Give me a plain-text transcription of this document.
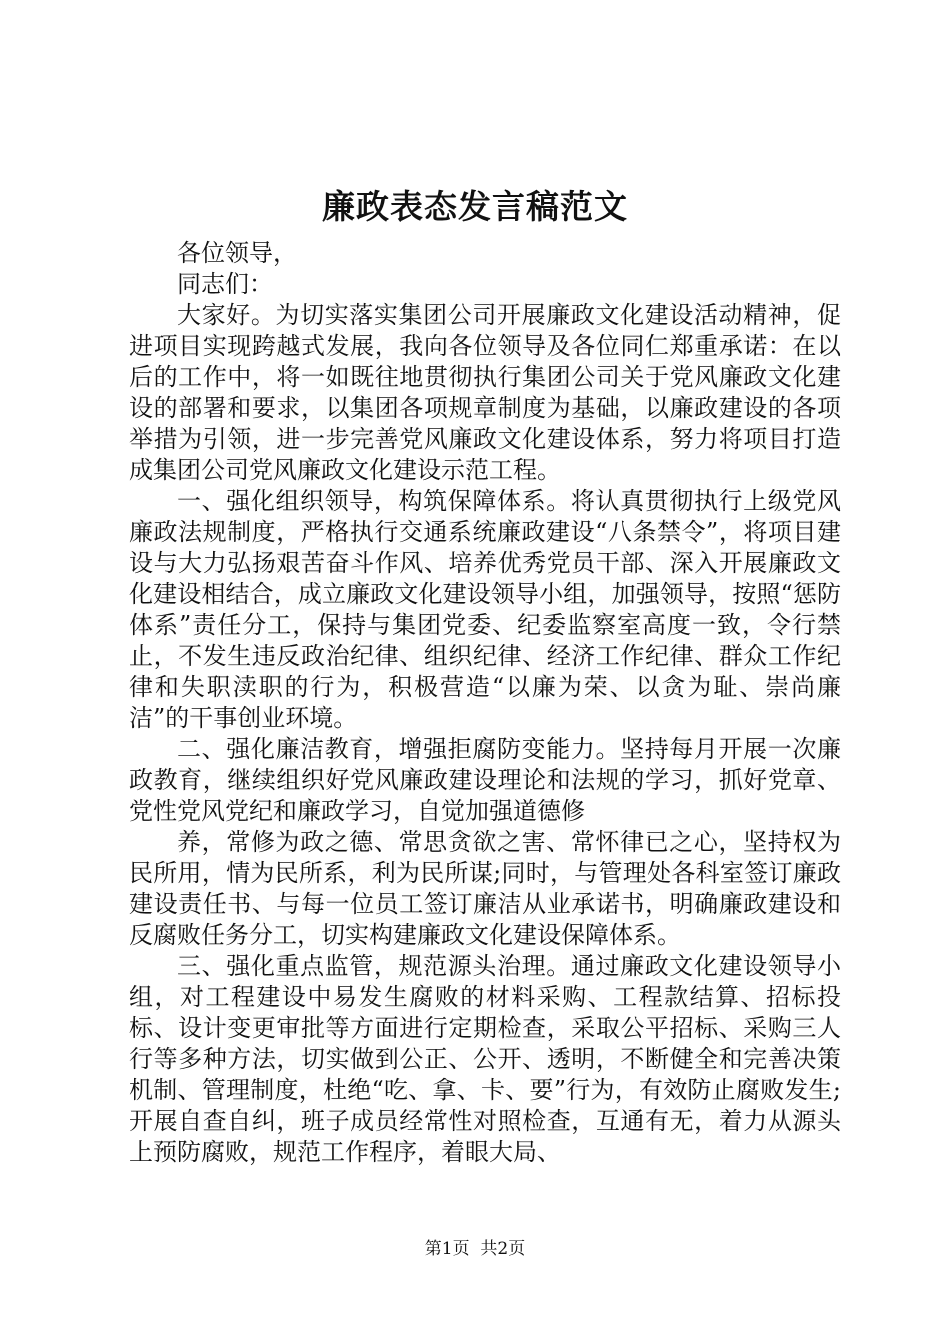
廉政表态发言稿范文

各位领导，

同志们：

大家好。为切实落实集团公司开展廉政文化建设活动精神，促进项目实现跨越式发展，我向各位领导及各位同仁郑重承诺：在以后的工作中，将一如既往地贯彻执行集团公司关于党风廉政文化建设的部署和要求，以集团各项规章制度为基础，以廉政建设的各项举措为引领，进一步完善党风廉政文化建设体系，努力将项目打造成集团公司党风廉政文化建设示范工程。

一、强化组织领导，构筑保障体系。将认真贯彻执行上级党风廉政法规制度，严格执行交通系统廉政建设“八条禁令”，将项目建设与大力弘扬艰苦奋斗作风、培养优秀党员干部、深入开展廉政文化建设相结合，成立廉政文化建设领导小组，加强领导，按照“惩防体系”责任分工，保持与集团党委、纪委监察室高度一致，令行禁止，不发生违反政治纪律、组织纪律、经济工作纪律、群众工作纪律和失职渎职的行为，积极营造“以廉为荣、以贪为耻、崇尚廉洁”的干事创业环境。

二、强化廉洁教育，增强拒腐防变能力。坚持每月开展一次廉政教育，继续组织好党风廉政建设理论和法规的学习，抓好党章、党性党风党纪和廉政学习，自觉加强道德修

养，常修为政之德、常思贪欲之害、常怀律已之心，坚持权为民所用，情为民所系，利为民所谋;同时，与管理处各科室签订廉政建设责任书、与每一位员工签订廉洁从业承诺书，明确廉政建设和反腐败任务分工，切实构建廉政文化建设保障体系。

三、强化重点监管，规范源头治理。通过廉政文化建设领导小组，对工程建设中易发生腐败的材料采购、工程款结算、招标投标、设计变更审批等方面进行定期检查，采取公平招标、采购三人行等多种方法，切实做到公正、公开、透明，不断健全和完善决策机制、管理制度，杜绝“吃、拿、卡、要”行为，有效防止腐败发生;开展自查自纠，班子成员经常性对照检查，互通有无，着力从源头上预防腐败，规范工作程序，着眼大局、

第1页  共2页
